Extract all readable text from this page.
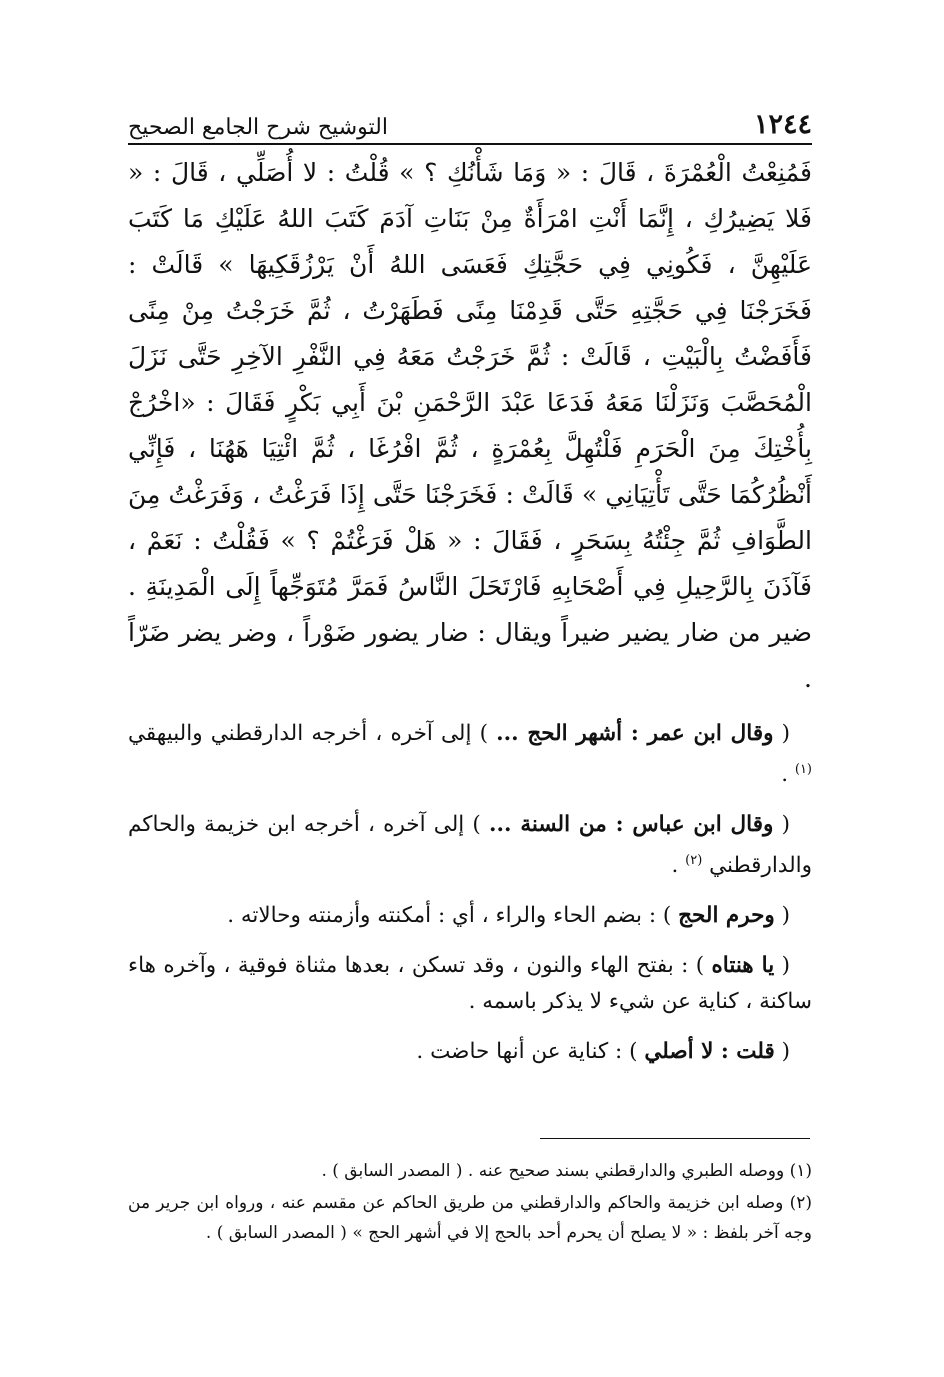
١٢٤٤
التوشيح شرح الجامع الصحيح

فَمُنِعْتُ الْعُمْرَةَ ، قَالَ : « وَمَا شَأْنُكِ ؟ » قُلْتُ : لا أُصَلِّي ، قَالَ : « فَلا يَضِيرُكِ ، إِنَّمَا أَنْتِ امْرَأَةٌ مِنْ بَنَاتِ آدَمَ كَتَبَ اللهُ عَلَيْكِ مَا كَتَبَ عَلَيْهِنَّ ، فَكُونِي فِي حَجَّتِكِ فَعَسَى اللهُ أَنْ يَرْزُقَكِيهَا » قَالَتْ : فَخَرَجْنَا فِي حَجَّتِهِ حَتَّى قَدِمْنَا مِنًى فَطَهَرْتُ ، ثُمَّ خَرَجْتُ مِنْ مِنًى فَأَفَضْتُ بِالْبَيْتِ ، قَالَتْ : ثُمَّ خَرَجْتُ مَعَهُ فِي النَّفْرِ الآخِرِ حَتَّى نَزَلَ الْمُحَصَّبَ وَنَزَلْنَا مَعَهُ فَدَعَا عَبْدَ الرَّحْمَنِ بْنَ أَبِي بَكْرٍ فَقَالَ : «اخْرُجْ بِأُخْتِكَ مِنَ الْحَرَمِ فَلْتُهِلَّ بِعُمْرَةٍ ، ثُمَّ افْرُغَا ، ثُمَّ ائْتِيَا هَهُنَا ، فَإِنِّي أَنْظُرُكُمَا حَتَّى تَأْتِيَانِي » قَالَتْ : فَخَرَجْنَا حَتَّى إِذَا فَرَغْتُ ، وَفَرَغْتُ مِنَ الطَّوَافِ ثُمَّ جِئْتُهُ بِسَحَرٍ ، فَقَالَ : « هَلْ فَرَغْتُمْ ؟ » فَقُلْتُ : نَعَمْ ، فَآذَنَ بِالرَّحِيلِ فِي أَصْحَابِهِ فَارْتَحَلَ النَّاسُ فَمَرَّ مُتَوَجِّهاً إِلَى الْمَدِينَةِ . ضير من ضار يضير ضيراً ويقال : ضار يضور ضَوْراً ، وضر يضر ضَرّاً .

( وقال ابن عمر : أشهر الحج ... ) إلى آخره ، أخرجه الدارقطني والبيهقي $^{(١)}$ .

( وقال ابن عباس : من السنة ... ) إلى آخره ، أخرجه ابن خزيمة والحاكم والدارقطني $^{(٢)}$ .

( وحرم الحج ) : بضم الحاء والراء ، أي : أمكنته وأزمنته وحالاته .

( يا هنتاه ) : بفتح الهاء والنون ، وقد تسكن ، بعدها مثناة فوقية ، وآخره هاء ساكنة ، كناية عن شيء لا يذكر باسمه .

( قلت : لا أصلي ) : كناية عن أنها حاضت .

(١) ووصله الطبري والدارقطني بسند صحيح عنه . ( المصدر السابق ) .

(٢) وصله ابن خزيمة والحاكم والدارقطني من طريق الحاكم عن مقسم عنه ، ورواه ابن جرير من وجه آخر بلفظ : « لا يصلح أن يحرم أحد بالحج إلا في أشهر الحج » ( المصدر السابق ) .
